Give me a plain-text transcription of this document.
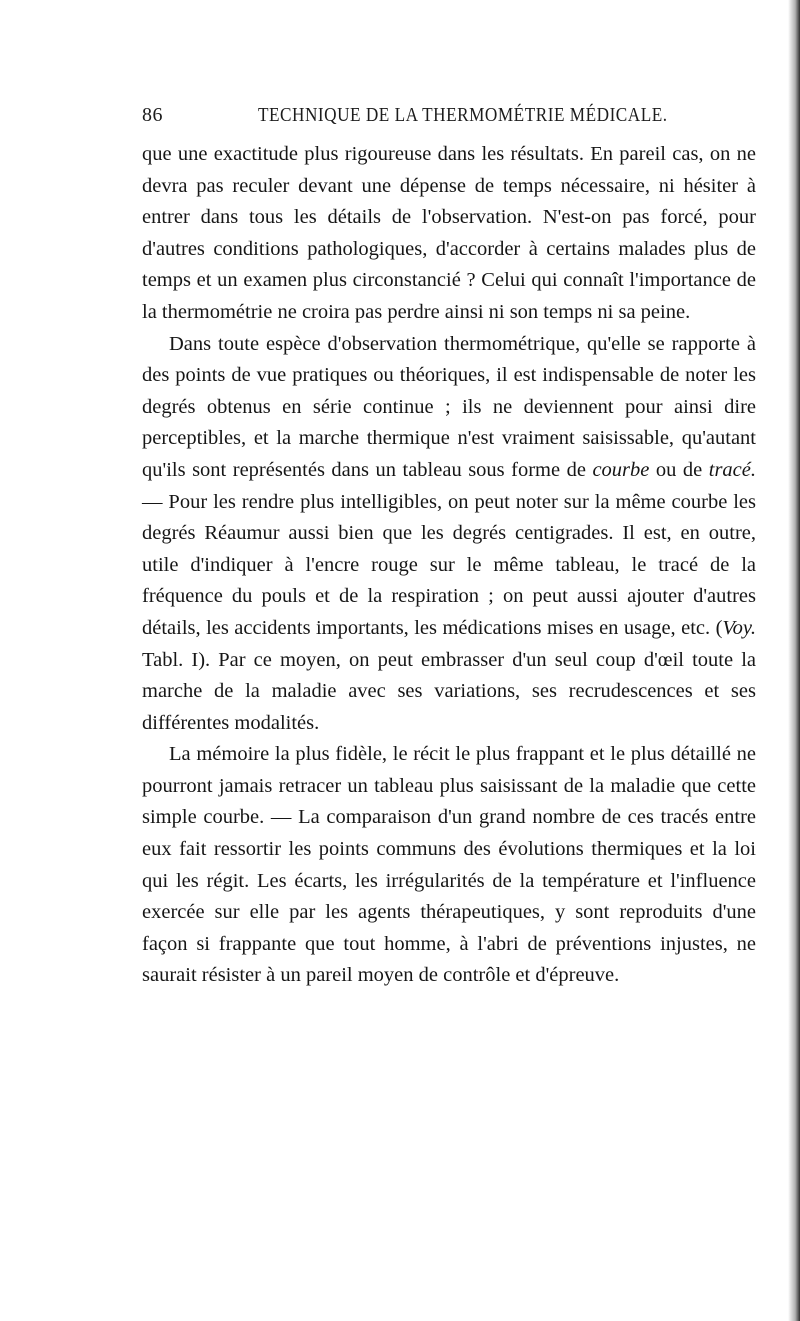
86	TECHNIQUE DE LA THERMOMÉTRIE MÉDICALE.

que une exactitude plus rigoureuse dans les résultats. En pareil cas, on ne devra pas reculer devant une dépense de temps nécessaire, ni hésiter à entrer dans tous les détails de l'observation. N'est-on pas forcé, pour d'autres conditions pathologiques, d'accorder à certains malades plus de temps et un examen plus circonstancié ? Celui qui connaît l'importance de la thermométrie ne croira pas perdre ainsi ni son temps ni sa peine.

Dans toute espèce d'observation thermométrique, qu'elle se rapporte à des points de vue pratiques ou théoriques, il est indispensable de noter les degrés obtenus en série continue ; ils ne deviennent pour ainsi dire perceptibles, et la marche thermique n'est vraiment saisissable, qu'autant qu'ils sont représentés dans un tableau sous forme de courbe ou de tracé. — Pour les rendre plus intelligibles, on peut noter sur la même courbe les degrés Réaumur aussi bien que les degrés centigrades. Il est, en outre, utile d'indiquer à l'encre rouge sur le même tableau, le tracé de la fréquence du pouls et de la respiration ; on peut aussi ajouter d'autres détails, les accidents importants, les médications mises en usage, etc. (Voy. Tabl. I). Par ce moyen, on peut embrasser d'un seul coup d'œil toute la marche de la maladie avec ses variations, ses recrudescences et ses différentes modalités.

La mémoire la plus fidèle, le récit le plus frappant et le plus détaillé ne pourront jamais retracer un tableau plus saisissant de la maladie que cette simple courbe. — La comparaison d'un grand nombre de ces tracés entre eux fait ressortir les points communs des évolutions thermiques et la loi qui les régit. Les écarts, les irrégularités de la température et l'influence exercée sur elle par les agents thérapeutiques, y sont reproduits d'une façon si frappante que tout homme, à l'abri de préventions injustes, ne saurait résister à un pareil moyen de contrôle et d'épreuve.
